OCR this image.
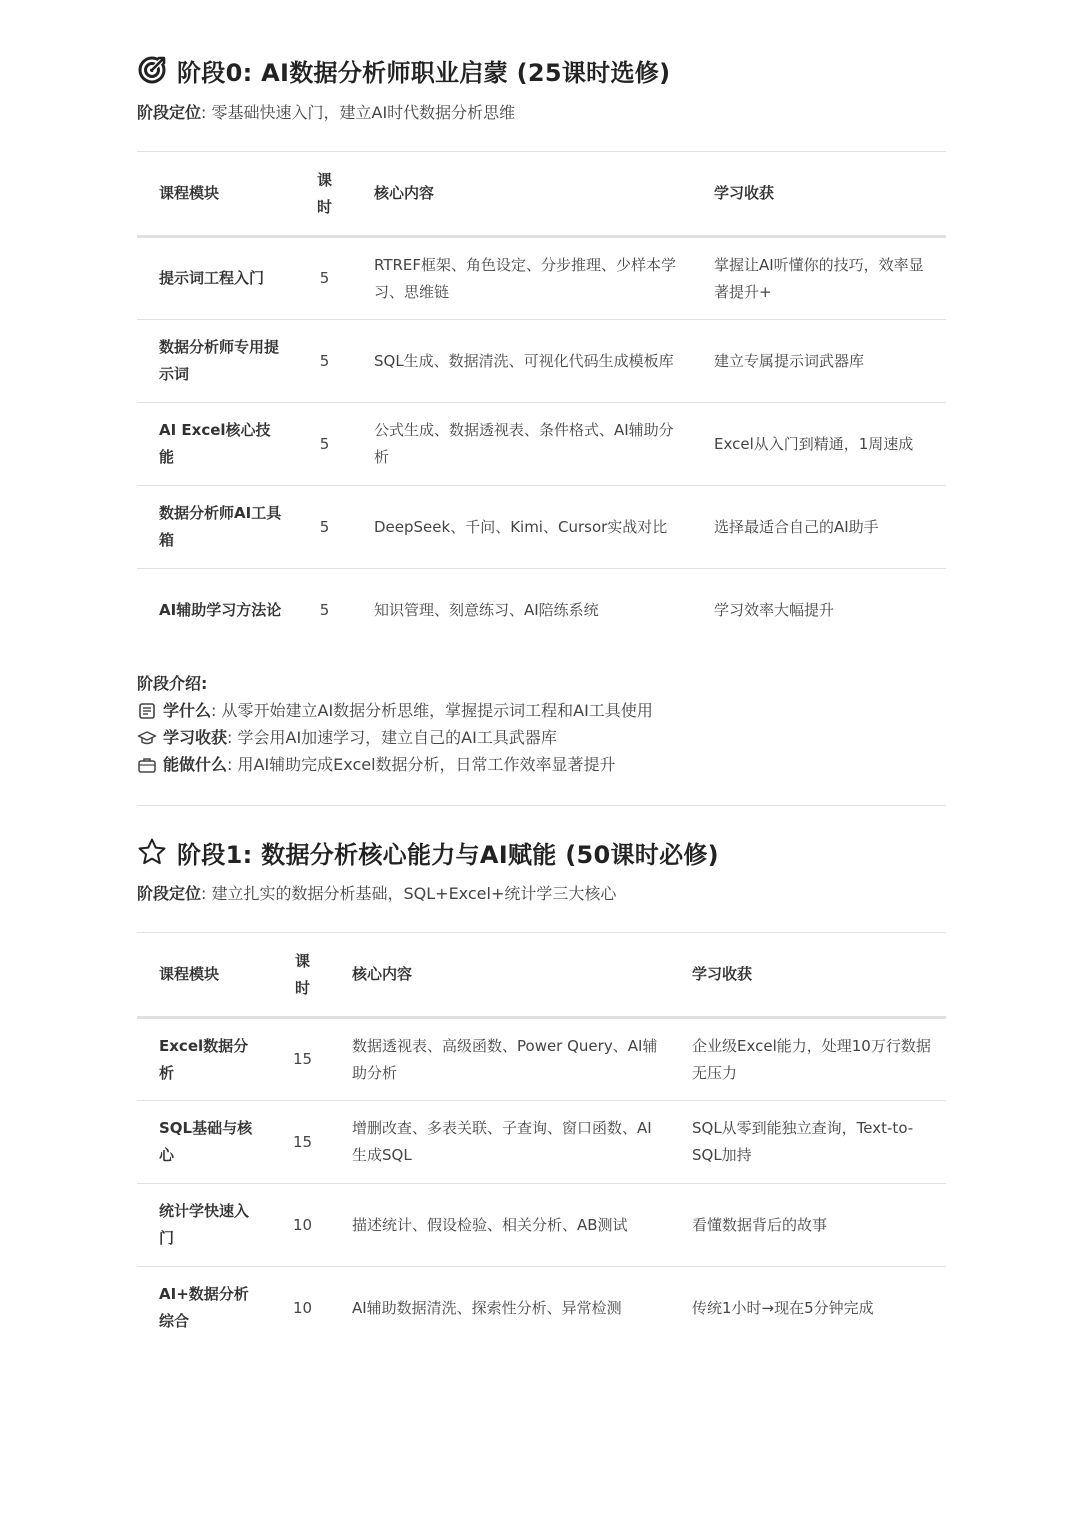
阶段0: AI数据分析师职业启蒙 (25课时选修)
阶段定位: 零基础快速入门，建立AI时代数据分析思维
课程模块	课时	核心内容	学习收获
提示词工程入门	5	RTREF框架、角色设定、分步推理、少样本学习、思维链	掌握让AI听懂你的技巧，效率显著提升+
数据分析师专用提示词	5	SQL生成、数据清洗、可视化代码生成模板库	建立专属提示词武器库
AI Excel核心技能	5	公式生成、数据透视表、条件格式、AI辅助分析	Excel从入门到精通，1周速成
数据分析师AI工具箱	5	DeepSeek、千问、Kimi、Cursor实战对比	选择最适合自己的AI助手
AI辅助学习方法论	5	知识管理、刻意练习、AI陪练系统	学习效率大幅提升
阶段介绍:
学什么 : 从零开始建立AI数据分析思维，掌握提示词工程和AI工具使用
学习收获 : 学会用AI加速学习，建立自己的AI工具武器库
能做什么 : 用AI辅助完成Excel数据分析，日常工作效率显著提升
阶段1: 数据分析核心能力与AI赋能 (50课时必修)
阶段定位: 建立扎实的数据分析基础，SQL+Excel+统计学三大核心
课程模块	课时	核心内容	学习收获
Excel数据分析	15	数据透视表、高级函数、Power Query、AI辅助分析	企业级Excel能力，处理10万行数据无压力
SQL基础与核心	15	增删改查、多表关联、子查询、窗口函数、AI生成SQL	SQL从零到能独立查询，Text-to-SQL加持
统计学快速入门	10	描述统计、假设检验、相关分析、AB测试	看懂数据背后的故事
AI+数据分析综合	10	AI辅助数据清洗、探索性分析、异常检测	传统1小时→现在5分钟完成
